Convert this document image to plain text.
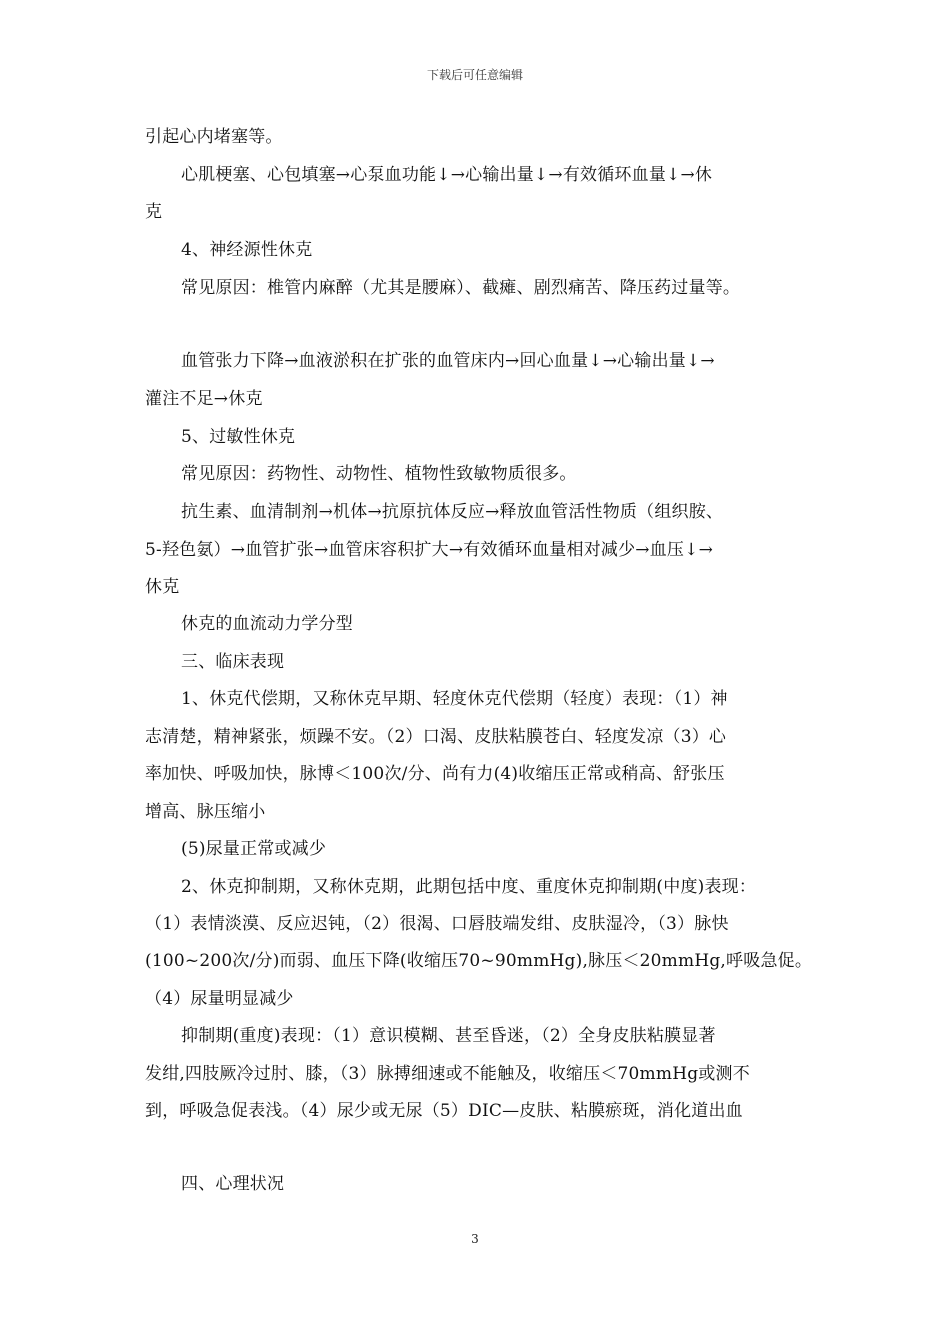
下载后可任意编辑
引起心内堵塞等。
心肌梗塞、心包填塞→心泵血功能↓→心输出量↓→有效循环血量↓→休
克
4、神经源性休克
常见原因：椎管内麻醉（尤其是腰麻）、截瘫、剧烈痛苦、降压药过量等。
血管张力下降→血液淤积在扩张的血管床内→回心血量↓→心输出量↓→
灌注不足→休克
5、过敏性休克
常见原因：药物性、动物性、植物性致敏物质很多。
抗生素、血清制剂→机体→抗原抗体反应→释放血管活性物质（组织胺、
5-羟色氨）→血管扩张→血管床容积扩大→有效循环血量相对减少→血压↓→
休克
休克的血流动力学分型
三、临床表现
1、休克代偿期，又称休克早期、轻度休克代偿期（轻度）表现：（1）神
志清楚，精神紧张，烦躁不安。（2）口渴、皮肤粘膜苍白、轻度发凉（3）心
率加快、呼吸加快，脉博＜100次/分、尚有力(4)收缩压正常或稍高、舒张压
增高、脉压缩小
(5)尿量正常或减少
2、休克抑制期，又称休克期，此期包括中度、重度休克抑制期(中度)表现：
（1）表情淡漠、反应迟钝，（2）很渴、口唇肢端发绀、皮肤湿冷，（3）脉快
(100~200次/分)而弱、血压下降(收缩压70~90mmHg),脉压＜20mmHg,呼吸急促。
（4）尿量明显减少
抑制期(重度)表现：（1）意识模糊、甚至昏迷，（2）全身皮肤粘膜显著
发绀,四肢厥冷过肘、膝，（3）脉搏细速或不能触及，收缩压＜70mmHg或测不
到，呼吸急促表浅。（4）尿少或无尿（5）DIC—皮肤、粘膜瘀斑，消化道出血
四、心理状况
3
